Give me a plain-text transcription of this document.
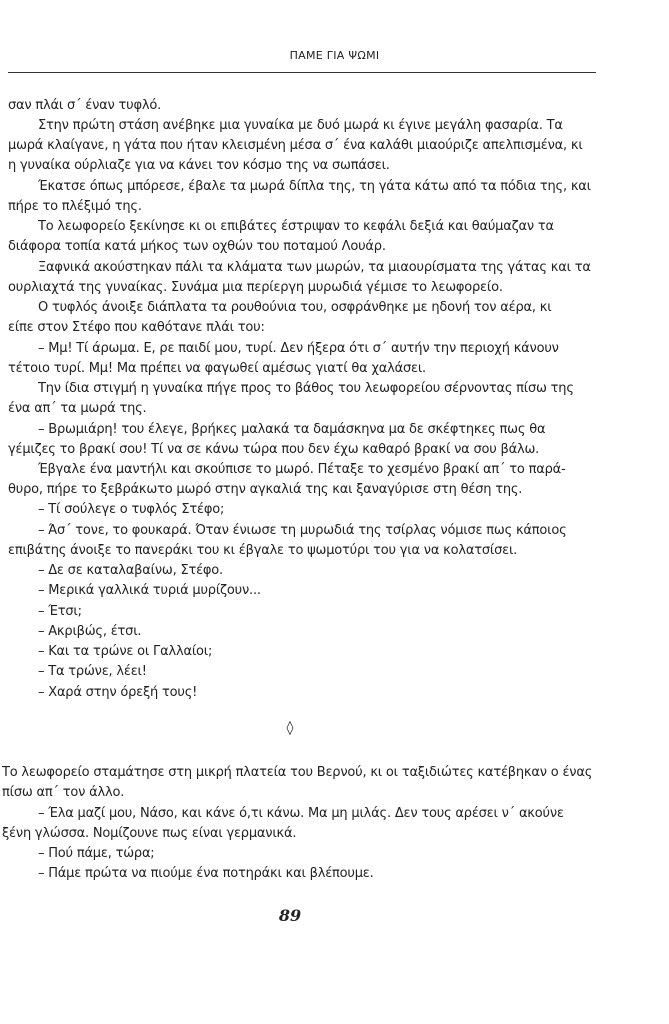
ΠΑΜΕ ΓΙΑ ΨΩΜΙ

σαν πλάι σ΄ έναν τυφλό.

Στην πρώτη στάση ανέβηκε μια γυναίκα με δυό μωρά κι έγινε μεγάλη φασαρία. Τα

μωρά κλαίγανε, η γάτα που ήταν κλεισμένη μέσα σ΄ ένα καλάθι μιαούριζε απελπισμένα, κι

η γυναίκα ούρλιαζε για να κάνει τον κόσμο της να σωπάσει.

Έκατσε όπως μπόρεσε, έβαλε τα μωρά δίπλα της, τη γάτα κάτω από τα πόδια της, και

πήρε το πλέξιμό της.

Το λεωφορείο ξεκίνησε κι οι επιβάτες έστριψαν το κεφάλι δεξιά και θαύμαζαν τα

διάφορα τοπία κατά μήκος των οχθών του ποταμού Λουάρ.

Ξαφνικά ακούστηκαν πάλι τα κλάματα των μωρών, τα μιαουρίσματα της γάτας και τα

ουρλιαχτά της γυναίκας. Συνάμα μια περίεργη μυρωδιά γέμισε το λεωφορείο.

Ο τυφλός άνοιξε διάπλατα τα ρουθούνια του, οσφράνθηκε με ηδονή τον αέρα, κι

είπε στον Στέφο που καθότανε πλάι του:

– Μμ! Τί άρωμα. Ε, ρε παιδί μου, τυρί. Δεν ήξερα ότι σ΄ αυτήν την περιοχή κάνουν

τέτοιο τυρί. Μμ! Μα πρέπει να φαγωθεί αμέσως γιατί θα χαλάσει.

Την ίδια στιγμή η γυναίκα πήγε προς το βάθος του λεωφορείου σέρνοντας πίσω της

ένα απ΄ τα μωρά της.

– Βρωμιάρη! του έλεγε, βρήκες μαλακά τα δαμάσκηνα μα δε σκέφτηκες πως θα

γέμιζες το βρακί σου! Τί να σε κάνω τώρα που δεν έχω καθαρό βρακί να σου βάλω.

Έβγαλε ένα μαντήλι και σκούπισε το μωρό. Πέταξε το χεσμένο βρακί απ΄ το παρά-

θυρο, πήρε το ξεβράκωτο μωρό στην αγκαλιά της και ξαναγύρισε στη θέση της.

– Τί σούλεγε ο τυφλός Στέφο;

– Άσ΄ τονε, το φουκαρά. Όταν ένιωσε τη μυρωδιά της τσίρλας νόμισε πως κάποιος

επιβάτης άνοιξε το πανεράκι του κι έβγαλε το ψωμοτύρι του για να κολατσίσει.

– Δε σε καταλαβαίνω, Στέφο.

– Μερικά γαλλικά τυριά μυρίζουν...

– Έτσι;

– Ακριβώς, έτσι.

– Και τα τρώνε οι Γαλλαίοι;

– Τα τρώνε, λέει!

– Χαρά στην όρεξή τους!

◊

Το λεωφορείο σταμάτησε στη μικρή πλατεία του Βερνού, κι οι ταξιδιώτες κατέβηκαν ο ένας

πίσω απ΄ τον άλλο.

– Έλα μαζί μου, Νάσο, και κάνε ό,τι κάνω. Μα μη μιλάς. Δεν τους αρέσει ν΄ ακούνε

ξένη γλώσσα. Νομίζουνε πως είναι γερμανικά.

– Πού πάμε, τώρα;

– Πάμε πρώτα να πιούμε ένα ποτηράκι και βλέπουμε.

89
